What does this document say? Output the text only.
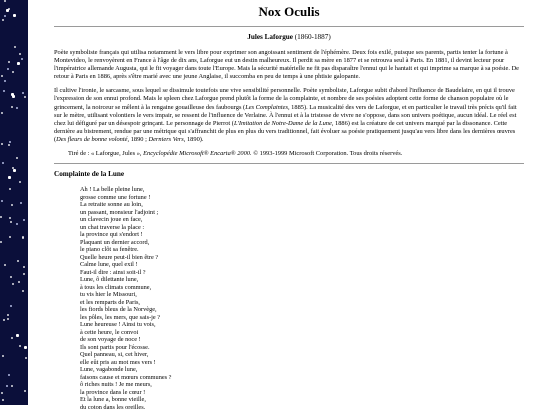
Nox Oculis
Jules Laforgue (1860-1887)

Poète symboliste français qui utilisa notamment le vers libre pour exprimer son angoissant sentiment de l'éphémère. Deux fois exilé, puisque ses parents, partis tenter la fortune à Montevideo, le renvoyèrent en France à l'âge de dix ans, Laforgue eut un destin malheureux. Il perdit sa mère en 1877 et se retrouva seul à Paris. En 1881, il devint lecteur pour l'impératrice allemande Augusta, qui le fit voyager dans toute l'Europe. Mais la sécurité matérielle ne fit pas disparaître l'ennui qui le hantait et qui imprime sa marque à sa poésie. De retour à Paris en 1886, après s'être marié avec une jeune Anglaise, il succomba en peu de temps à une phtisie galopante.

Il cultive l'ironie, le sarcasme, sous lequel se dissimule toutefois une vive sensibilité personnelle. Poète symboliste, Laforgue subit d'abord l'influence de Baudelaire, en qui il trouve l'expression de son ennui profond. Mais le spleen chez Laforgue prend plutôt la forme de la complainte, et nombre de ses poésies adoptent cette forme de chanson populaire où le grincement, la noirceur se mêlent à la rengaine gouailleuse des faubourgs (Les Complaintes, 1885). La musicalité des vers de Laforgue, et en particulier le travail très précis qu'il fait sur le mètre, utilisant volontiers le vers impair, se ressent de l'influence de Verlaine. À l'ennui et à la tristesse de vivre ne s'oppose, dans son univers poétique, aucun idéal. Le réel est chez lui défiguré par un désespoir grinçant. Le personnage de Pierrot (L'Imitation de Notre-Dame de la Lune, 1886) est la créature de cet univers marqué par la dissonance. Cette dernière au bistrement, rendue par une métrique qui s'affranchit de plus en plus du vers traditionnel, fait évoluer sa poésie pratiquement jusqu'au vers libre dans les dernières œuvres (Des fleurs de bonne volonté, 1890 ; Derniers Vers, 1890).

Tiré de : « Laforgue, Jules », Encyclopédie Microsoft® Encarta® 2000. © 1993-1999 Microsoft Corporation. Tous droits réservés.

Complainte de la Lune
Ah ! La belle pleine lune,
grosse comme une fortune !
La retraite sonne au loin,
un passant, monsieur l'adjoint ;
un clavecin joue en face,
un chat traverse la place :
la province qui s'endort !
Plaquant un dernier accord,
le piano clôt sa fenêtre.
Quelle heure peut-il bien être ?
Calme lune, quel exil !
Faut-il dire : ainsi soit-il ?
Lune, ô dilettante lune,
à tous les climats commune,
tu vis hier le Missouri,
et les remparts de Paris,
les fiords bleus de la Norvège,
les pôles, les mers, que sais-je ?
Lune heureuse ! Ainsi tu vois,
à cette heure, le convoi
de son voyage de noce !
Ils sont partis pour l'écosse.
Quel panneau, si, cet hiver,
elle eût pris au mot mes vers !
Lune, vagabonde lune,
faisons cause et mœurs communes ?
ô riches nuits ! Je me meurs,
la province dans le cœur !
Et la lune a, bonne vieille,
du coton dans les oreilles.
